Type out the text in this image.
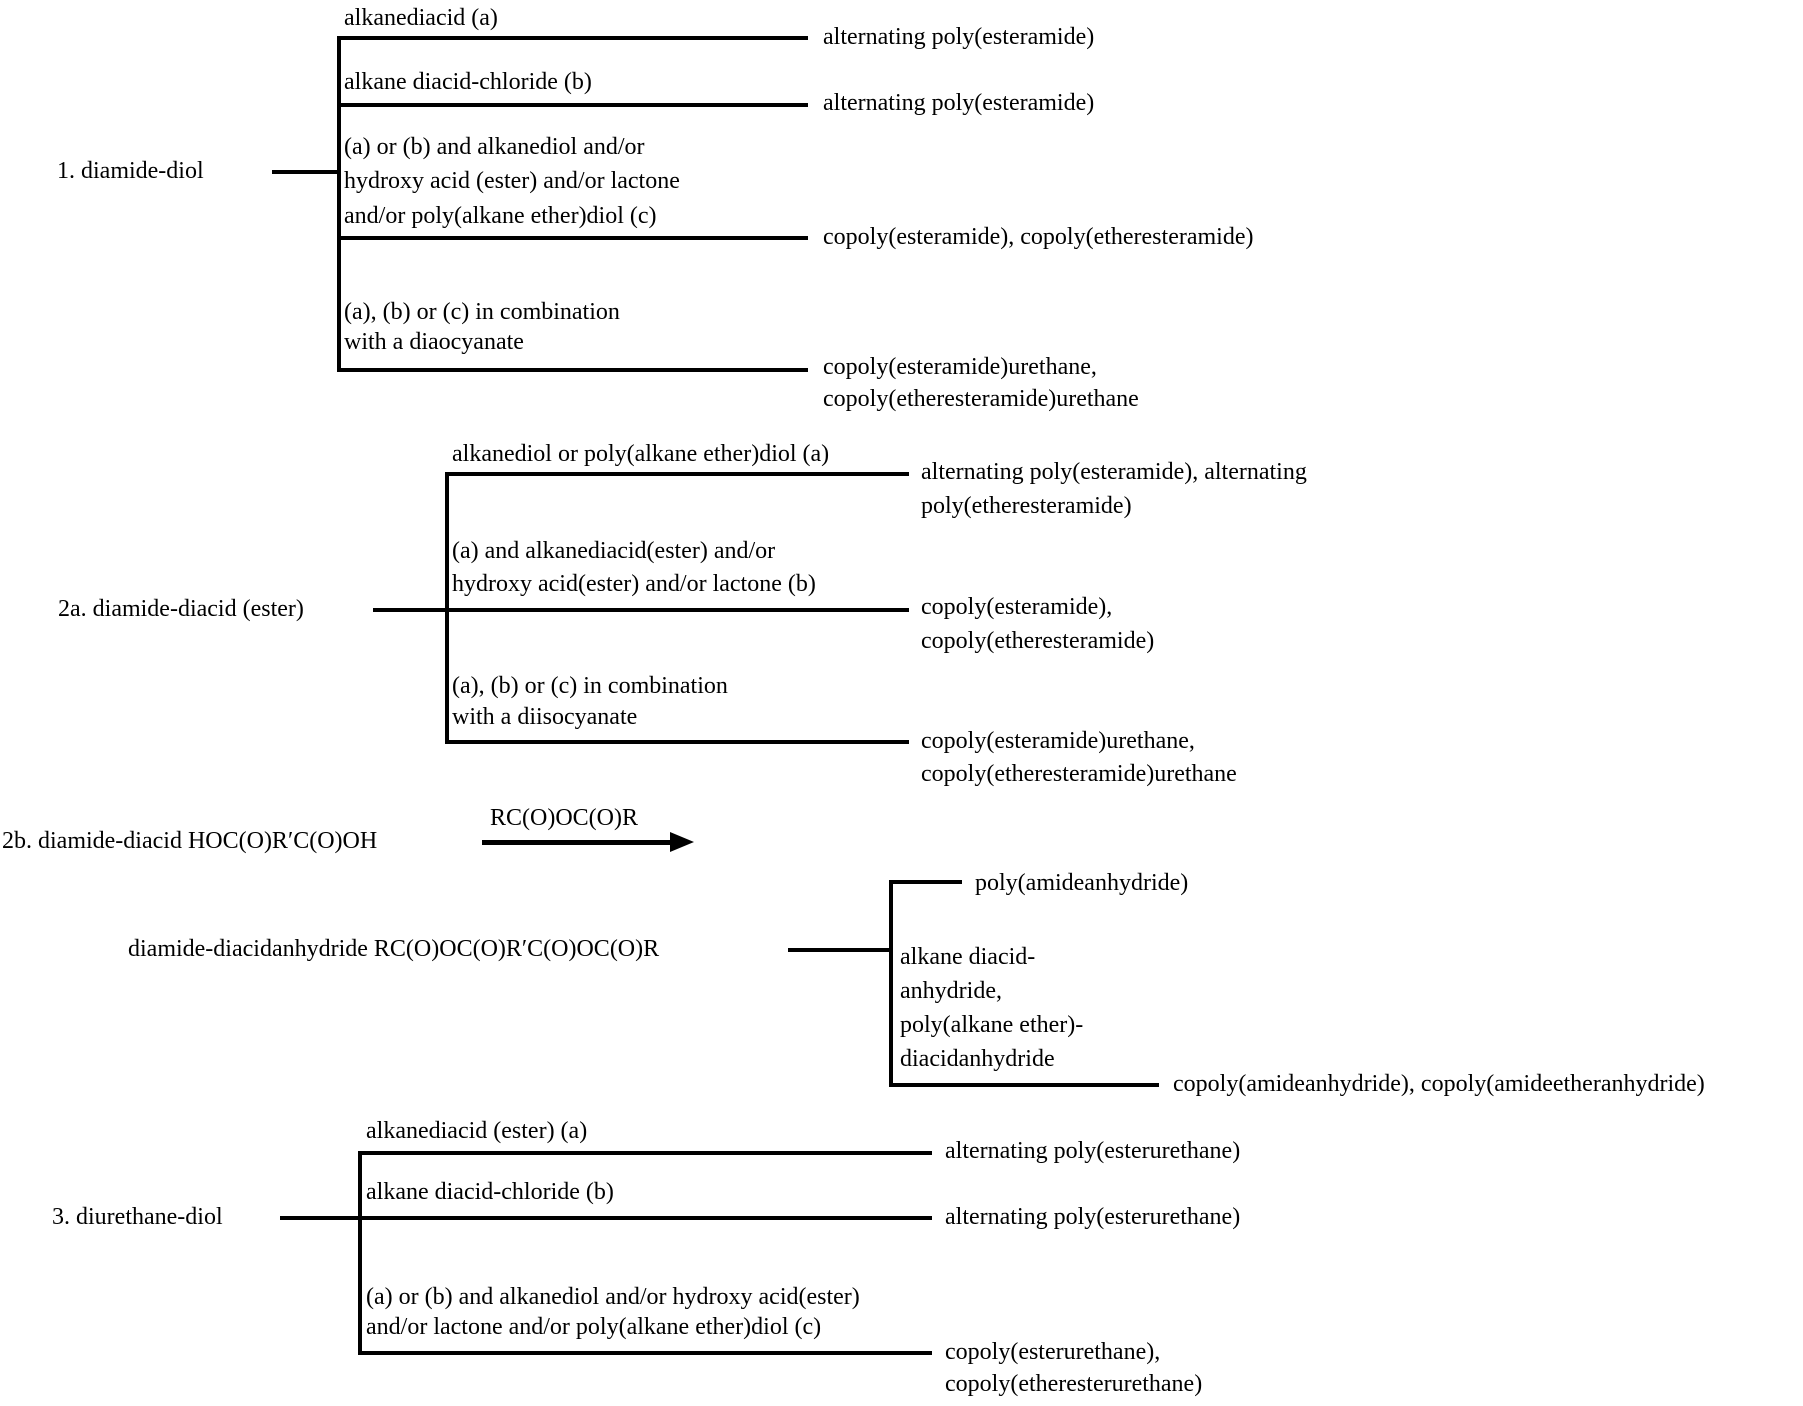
1. diamide-diol
alkanediacid (a)
alternating poly(esteramide)
alkane diacid-chloride (b)
alternating poly(esteramide)
(a) or (b) and alkanediol and/or
hydroxy acid (ester) and/or lactone
and/or poly(alkane ether)diol (c)
copoly(esteramide), copoly(etheresteramide)
(a), (b) or (c) in combination
with a diaocyanate
copoly(esteramide)urethane,
copoly(etheresteramide)urethane
2a. diamide-diacid (ester)
alkanediol or poly(alkane ether)diol (a)
alternating poly(esteramide), alternating
poly(etheresteramide)
(a) and alkanediacid(ester) and/or
hydroxy acid(ester) and/or lactone (b)
copoly(esteramide),
copoly(etheresteramide)
(a), (b) or (c) in combination
with a diisocyanate
copoly(esteramide)urethane,
copoly(etheresteramide)urethane
2b. diamide-diacid HOC(O)R′C(O)OH
RC(O)OC(O)R
diamide-diacidanhydride RC(O)OC(O)R′C(O)OC(O)R
poly(amideanhydride)
alkane diacid-
anhydride,
poly(alkane ether)-
diacidanhydride
copoly(amideanhydride), copoly(amideetheranhydride)
3. diurethane-diol
alkanediacid (ester) (a)
alternating poly(esterurethane)
alkane diacid-chloride (b)
alternating poly(esterurethane)
(a) or (b) and alkanediol and/or hydroxy acid(ester)
and/or lactone and/or poly(alkane ether)diol (c)
copoly(esterurethane),
copoly(etheresterurethane)
